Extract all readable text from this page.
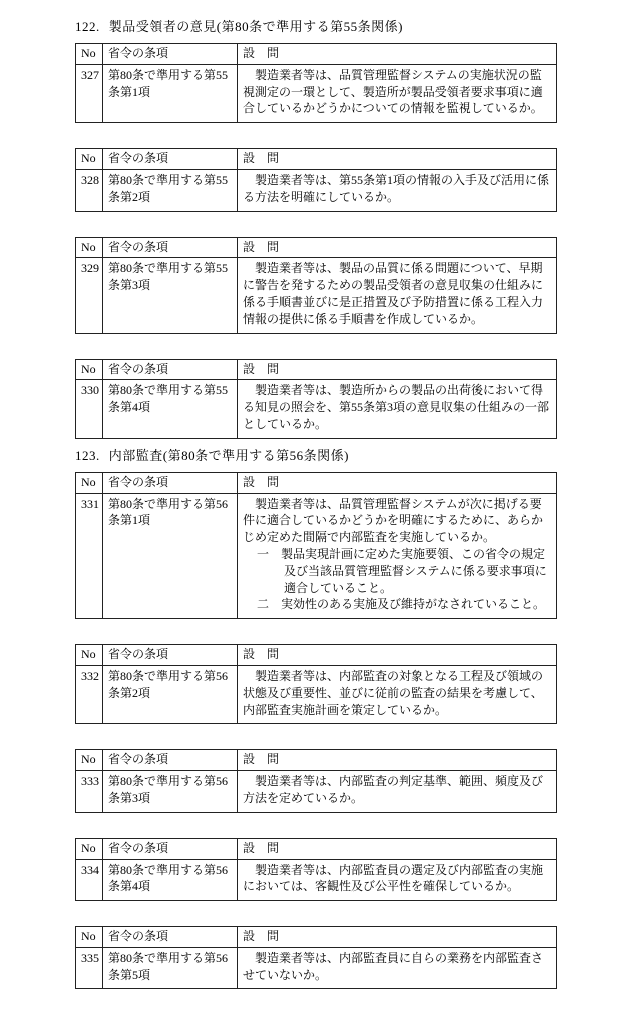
122. 製品受領者の意見(第80条で準用する第55条関係)
No	省令の条項	設　問
327	第80条で準用する第55条第1項	　製造業者等は、品質管理監督システムの実施状況の監視測定の一環として、製造所が製品受領者要求事項に適合しているかどうかについての情報を監視しているか。
No	省令の条項	設　問
328	第80条で準用する第55条第2項	　製造業者等は、第55条第1項の情報の入手及び活用に係る方法を明確にしているか。
No	省令の条項	設　問
329	第80条で準用する第55条第3項	　製造業者等は、製品の品質に係る問題について、早期に警告を発するための製品受領者の意見収集の仕組みに係る手順書並びに是正措置及び予防措置に係る工程入力情報の提供に係る手順書を作成しているか。
No	省令の条項	設　問
330	第80条で準用する第55条第4項	　製造業者等は、製造所からの製品の出荷後において得る知見の照会を、第55条第3項の意見収集の仕組みの一部としているか。
123. 内部監査(第80条で準用する第56条関係)
No	省令の条項	設　問
331	第80条で準用する第56条第1項	　製造業者等は、品質管理監督システムが次に掲げる要件に適合しているかどうかを明確にするために、あらかじめ定めた間隔で内部監査を実施しているか。
一　製品実現計画に定めた実施要領、この省令の規定及び当該品質管理監督システムに係る要求事項に適合していること。
二　実効性のある実施及び維持がなされていること。
No	省令の条項	設　問
332	第80条で準用する第56条第2項	　製造業者等は、内部監査の対象となる工程及び領域の状態及び重要性、並びに従前の監査の結果を考慮して、内部監査実施計画を策定しているか。
No	省令の条項	設　問
333	第80条で準用する第56条第3項	　製造業者等は、内部監査の判定基準、範囲、頻度及び方法を定めているか。
No	省令の条項	設　問
334	第80条で準用する第56条第4項	　製造業者等は、内部監査員の選定及び内部監査の実施においては、客観性及び公平性を確保しているか。
No	省令の条項	設　問
335	第80条で準用する第56条第5項	　製造業者等は、内部監査員に自らの業務を内部監査させていないか。
